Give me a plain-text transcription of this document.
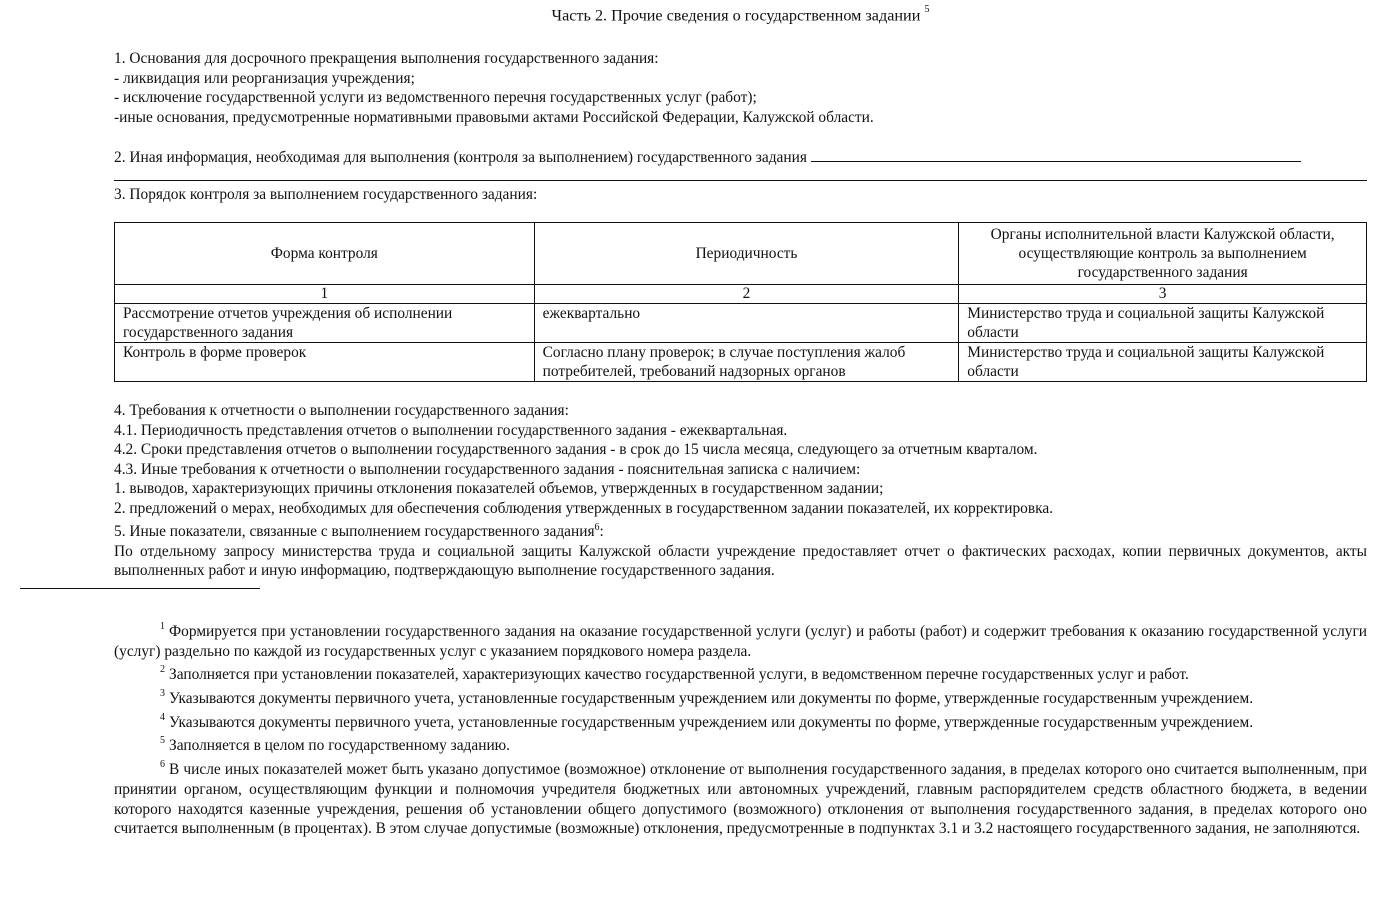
Часть 2. Прочие сведения о государственном задании $^5$
1. Основания для досрочного прекращения выполнения государственного задания:
- ликвидация или реорганизация учреждения;
- исключение государственной услуги из ведомственного перечня государственных услуг (работ);
-иные основания, предусмотренные нормативными правовыми актами Российской Федерации, Калужской области.
2. Иная информация, необходимая для выполнения (контроля за выполнением) государственного задания
3. Порядок контроля за выполнением государственного задания:
Форма контроля	Периодичность	Органы исполнительной власти Калужской области, осуществляющие контроль за выполнением государственного задания
1	2	3
Рассмотрение отчетов учреждения об исполнении государственного задания	ежеквартально	Министерство труда и социальной защиты Калужской области
Контроль в форме проверок	Согласно плану проверок; в случае поступления жалоб потребителей, требований надзорных органов	Министерство труда и социальной защиты Калужской области
4. Требования к отчетности о выполнении государственного задания:
4.1. Периодичность представления отчетов о выполнении государственного задания - ежеквартальная.
4.2. Сроки представления отчетов о выполнении государственного задания - в срок до 15 числа месяца, следующего за отчетным кварталом.
4.3. Иные требования к отчетности о выполнении государственного задания - пояснительная записка с наличием:
1. выводов, характеризующих причины отклонения показателей объемов, утвержденных в государственном задании;
2. предложений о мерах, необходимых для обеспечения соблюдения утвержденных в государственном задании показателей, их корректировка.
5. Иные показатели, связанные с выполнением государственного задания$^6$:
По отдельному запросу министерства труда и социальной защиты Калужской области учреждение предоставляет отчет о фактических расходах, копии первичных документов, акты выполненных работ и иную информацию, подтверждающую выполнение государственного задания.
$^1$ Формируется при установлении государственного задания на оказание государственной услуги (услуг) и работы (работ) и содержит требования к оказанию государственной услуги (услуг) раздельно по каждой из государственных услуг с указанием порядкового номера раздела.
$^2$ Заполняется при установлении показателей, характеризующих качество государственной услуги, в ведомственном перечне государственных услуг и работ.
$^3$ Указываются документы первичного учета, установленные государственным учреждением или документы по форме, утвержденные государственным учреждением.
$^4$ Указываются документы первичного учета, установленные государственным учреждением или документы по форме, утвержденные государственным учреждением.
$^5$ Заполняется в целом по государственному заданию.
$^6$ В числе иных показателей может быть указано допустимое (возможное) отклонение от выполнения государственного задания, в пределах которого оно считается выполненным, при принятии органом, осуществляющим функции и полномочия учредителя бюджетных или автономных учреждений, главным распорядителем средств областного бюджета, в ведении которого находятся казенные учреждения, решения об установлении общего допустимого (возможного) отклонения от выполнения государственного задания, в пределах которого оно считается выполненным (в процентах). В этом случае допустимые (возможные) отклонения, предусмотренные в подпунктах 3.1 и 3.2 настоящего государственного задания, не заполняются.
